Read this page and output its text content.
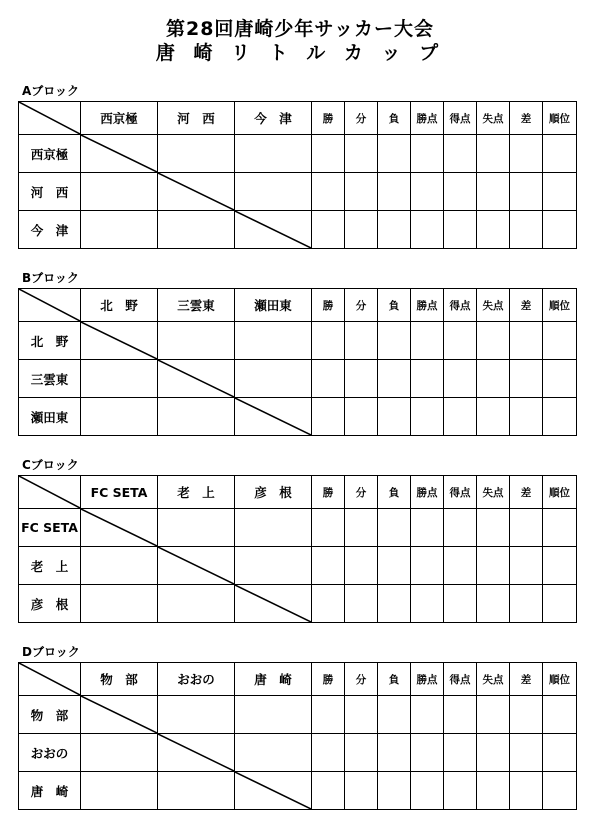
第28回唐崎少年サッカー大会
唐 崎 リ ト ル カ ッ プ
Aブロック
	西京極	河　西	今　津	勝	分	負	勝点	得点	失点	差	順位
西京極	

河　西		

今　津			

Bブロック
	北　野	三雲東	瀬田東	勝	分	負	勝点	得点	失点	差	順位
北　野	

三雲東		

瀬田東			

Cブロック
	FC SETA	老　上	彦　根	勝	分	負	勝点	得点	失点	差	順位
FC SETA	

老　上		

彦　根			

Dブロック
	物　部	おおの	唐　崎	勝	分	負	勝点	得点	失点	差	順位
物　部	

おおの		

唐　崎			
